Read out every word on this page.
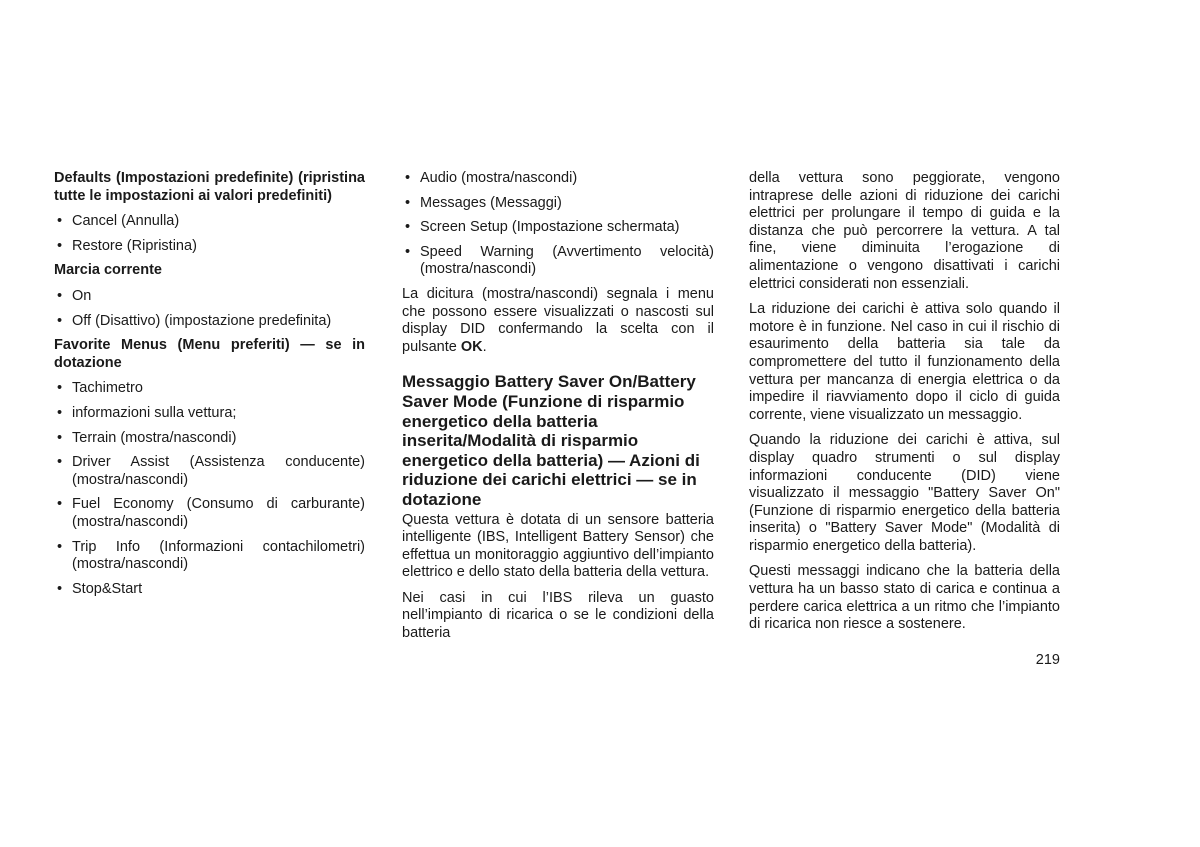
Defaults (Impostazioni predefinite) (ripristina tutte le impostazioni ai valori predefiniti)

• Cancel (Annulla)
• Restore (Ripristina)

Marcia corrente

• On
• Off (Disattivo) (impostazione predefinita)

Favorite Menus (Menu preferiti) — se in dotazione

• Tachimetro
• informazioni sulla vettura;
• Terrain (mostra/nascondi)
• Driver Assist (Assistenza conducente) (mostra/nascondi)
• Fuel Economy (Consumo di carburante) (mostra/nascondi)
• Trip Info (Informazioni contachilometri) (mostra/nascondi)
• Stop&Start
• Audio (mostra/nascondi)
• Messages (Messaggi)
• Screen Setup (Impostazione schermata)
• Speed Warning (Avvertimento velocità) (mostra/nascondi)

La dicitura (mostra/nascondi) segnala i menu che possono essere visualizzati o nascosti sul display DID confermando la scelta con il pulsante OK.

Messaggio Battery Saver On/Battery Saver Mode (Funzione di risparmio energetico della batteria inserita/Modalità di risparmio energetico della batteria) — Azioni di riduzione dei carichi elettrici — se in dotazione

Questa vettura è dotata di un sensore batteria intelligente (IBS, Intelligent Battery Sensor) che effettua un monitoraggio aggiuntivo dell’impianto elettrico e dello stato della batteria della vettura.

Nei casi in cui l’IBS rileva un guasto nell’impianto di ricarica o se le condizioni della batteria

della vettura sono peggiorate, vengono intraprese delle azioni di riduzione dei carichi elettrici per prolungare il tempo di guida e la distanza che può percorrere la vettura. A tal fine, viene diminuita l’erogazione di alimentazione o vengono disattivati i carichi elettrici considerati non essenziali.

La riduzione dei carichi è attiva solo quando il motore è in funzione. Nel caso in cui il rischio di esaurimento della batteria sia tale da compromettere del tutto il funzionamento della vettura per mancanza di energia elettrica o da impedire il riavviamento dopo il ciclo di guida corrente, viene visualizzato un messaggio.

Quando la riduzione dei carichi è attiva, sul display quadro strumenti o sul display informazioni conducente (DID) viene visualizzato il messaggio "Battery Saver On" (Funzione di risparmio energetico della batteria inserita) o "Battery Saver Mode" (Modalità di risparmio energetico della batteria).

Questi messaggi indicano che la batteria della vettura ha un basso stato di carica e continua a perdere carica elettrica a un ritmo che l’impianto di ricarica non riesce a sostenere.

219
